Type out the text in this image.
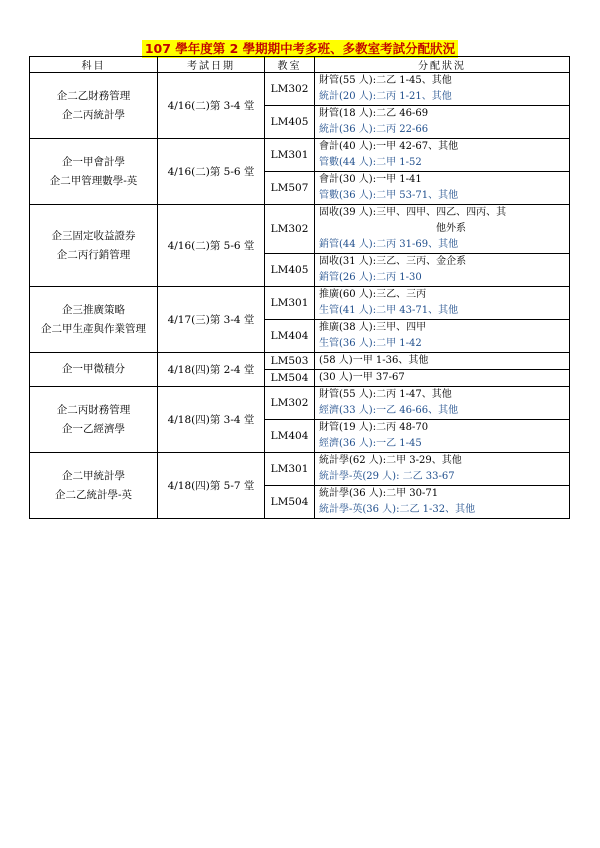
107 學年度第 2 學期期中考多班、多教室考試分配狀況
科目	考試日期	教室	分配狀況

企二乙財務管理
企二丙統計學	4/16(二)第 3-4 堂	LM302	財管(55 人):二乙 1-45、其他
統計(20 人):二丙 1-21、其他

		LM405	財管(18 人):二乙 46-69
統計(36 人):二丙 22-66

企一甲會計學
企二甲管理數學-英	4/16(二)第 5-6 堂	LM301	會計(40 人):一甲 42-67、其他
管數(44 人):二甲 1-52

		LM507	會計(30 人):一甲 1-41
管數(36 人):二甲 53-71、其他

企三固定收益證券
企二丙行銷管理	4/16(二)第 5-6 堂	LM302	固收(39 人):三甲、四甲、四乙、四丙、其
他外系
銷管(44 人):二丙 31-69、其他

		LM405	固收(31 人):三乙、三丙、金企系
銷管(26 人):二丙 1-30

企三推廣策略
企二甲生產與作業管理	4/17(三)第 3-4 堂	LM301	推廣(60 人):三乙、三丙
生管(41 人):二甲 43-71、其他

		LM404	推廣(38 人):三甲、四甲
生管(36 人):二甲 1-42

企一甲微積分	4/18(四)第 2-4 堂	LM503	(58 人)一甲 1-36、其他

		LM504	(30 人)一甲 37-67

企二丙財務管理
企一乙經濟學	4/18(四)第 3-4 堂	LM302	財管(55 人):二丙 1-47、其他
經濟(33 人):一乙 46-66、其他

		LM404	財管(19 人):二丙 48-70
經濟(36 人):一乙 1-45

企二甲統計學
企二乙統計學-英	4/18(四)第 5-7 堂	LM301	統計學(62 人):二甲 3-29、其他
統計學-英(29 人): 二乙 33-67

		LM504	統計學(36 人):二甲 30-71
統計學-英(36 人):二乙 1-32、其他
